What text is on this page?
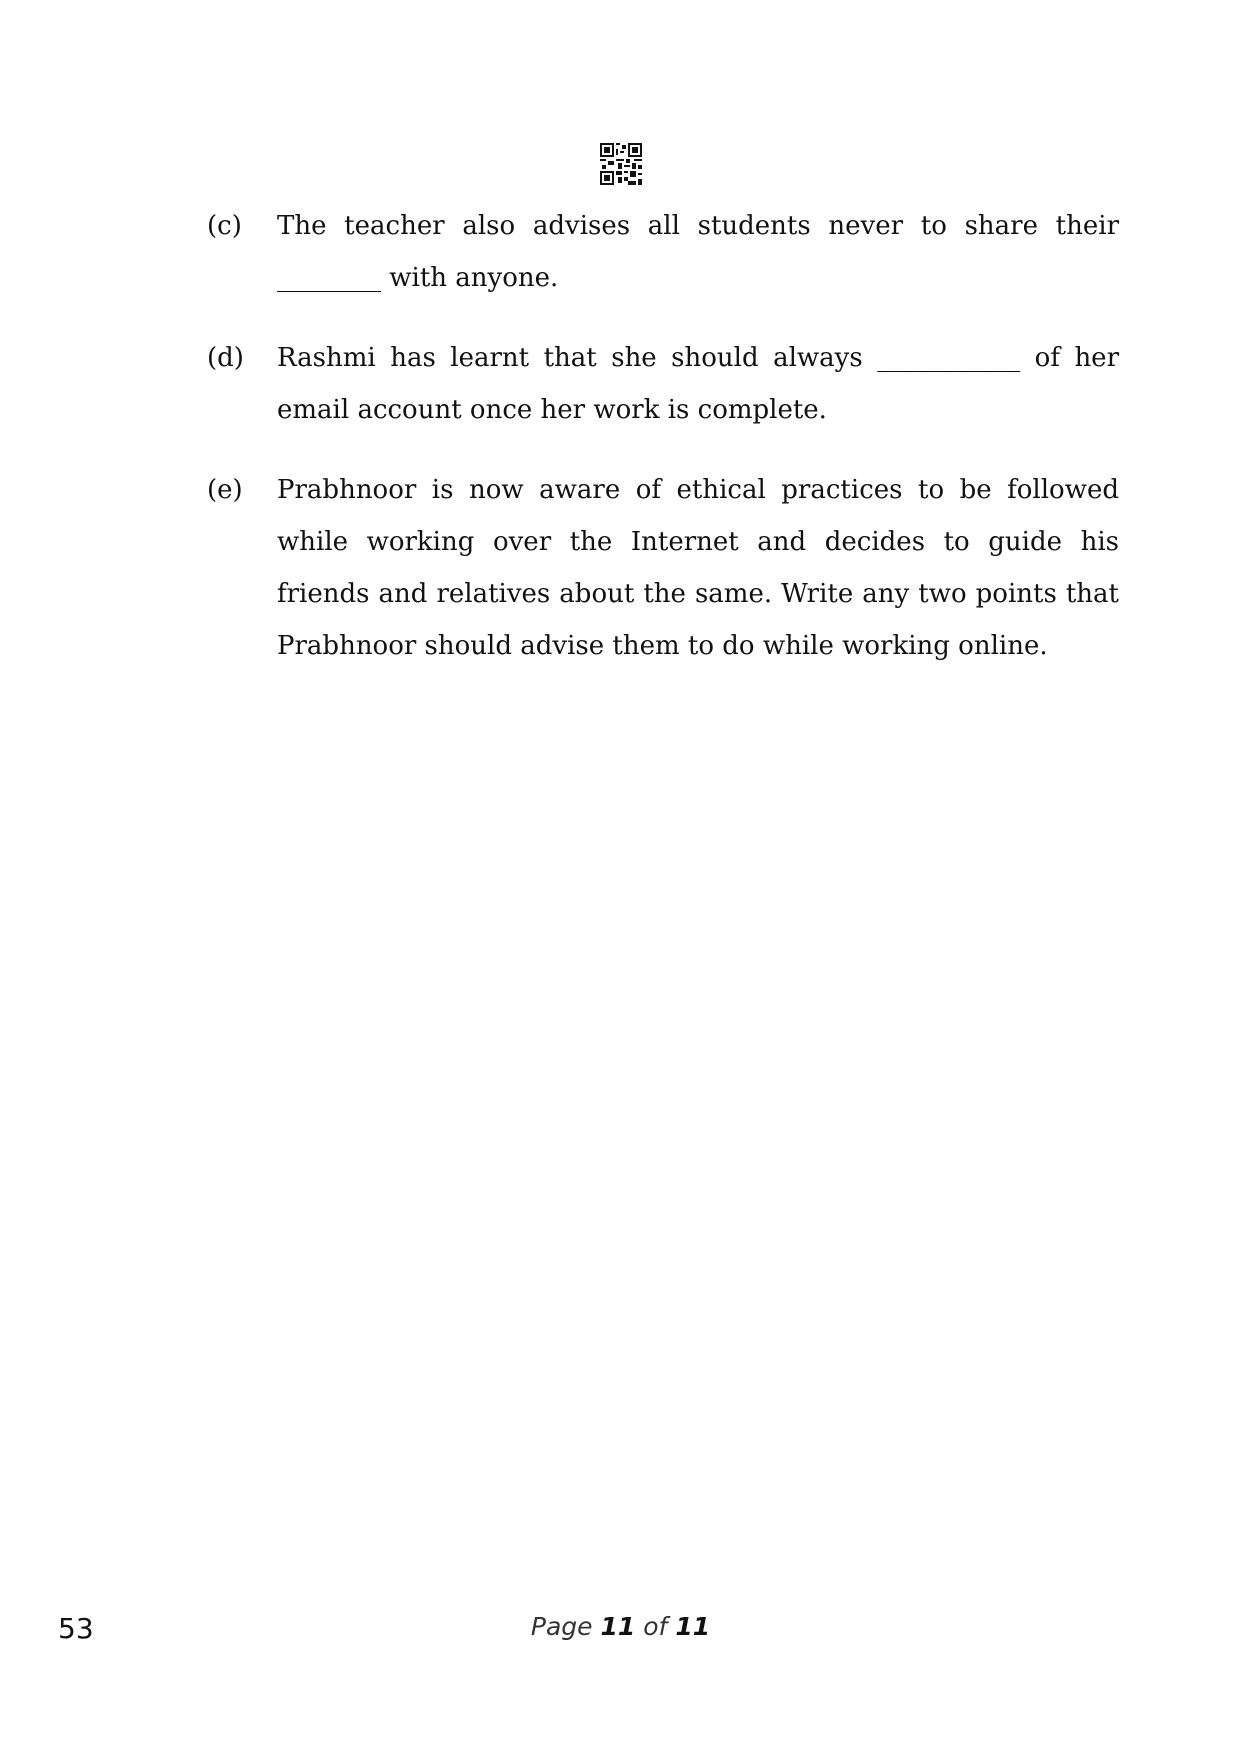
(c)	The teacher also advises all students never to share their
________ with anyone.
(d)	Rashmi has learnt that she should always ___________ of her
email account once her work is complete.
(e)	Prabhnoor is now aware of ethical practices to be followed
while working over the Internet and decides to guide his
friends and relatives about the same. Write any two points that
Prabhnoor should advise them to do while working online.
53	Page 11 of 11
